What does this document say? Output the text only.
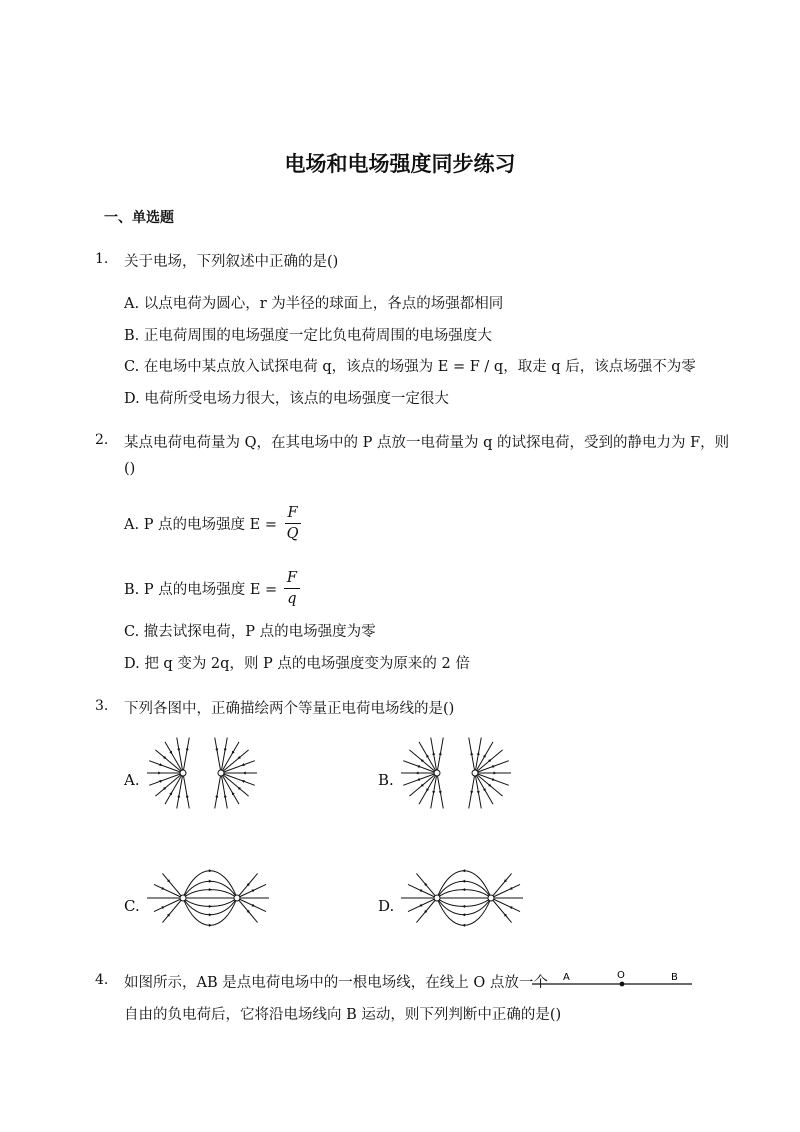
电场和电场强度同步练习
一、单选题
1. 关于电场，下列叙述中正确的是()
A. 以点电荷为圆心，r 为半径的球面上，各点的场强都相同
B. 正电荷周围的电场强度一定比负电荷周围的电场强度大
C. 在电场中某点放入试探电荷 q，该点的场强为 E = F / q，取走 q 后，该点场强不为零
D. 电荷所受电场力很大，该点的电场强度一定很大
2. 某点电荷电荷量为 Q，在其电场中的 P 点放一电荷量为 q 的试探电荷，受到的静电力为 F，则
()
A. P 点的电场强度 $E = \frac{F}{Q}$
B. P 点的电场强度 $E = \frac{F}{q}$
C. 撤去试探电荷，P 点的电场强度为零
D. 把 q 变为 2q，则 P 点的电场强度变为原来的 2 倍
3. 下列各图中，正确描绘两个等量正电荷电场线的是()
A.	B.
C.	D.
4. 如图所示，AB 是点电荷电场中的一根电场线，在线上 O 点放一个
自由的负电荷后，它将沿电场线向 B 运动，则下列判断中正确的是()
A	O	B
